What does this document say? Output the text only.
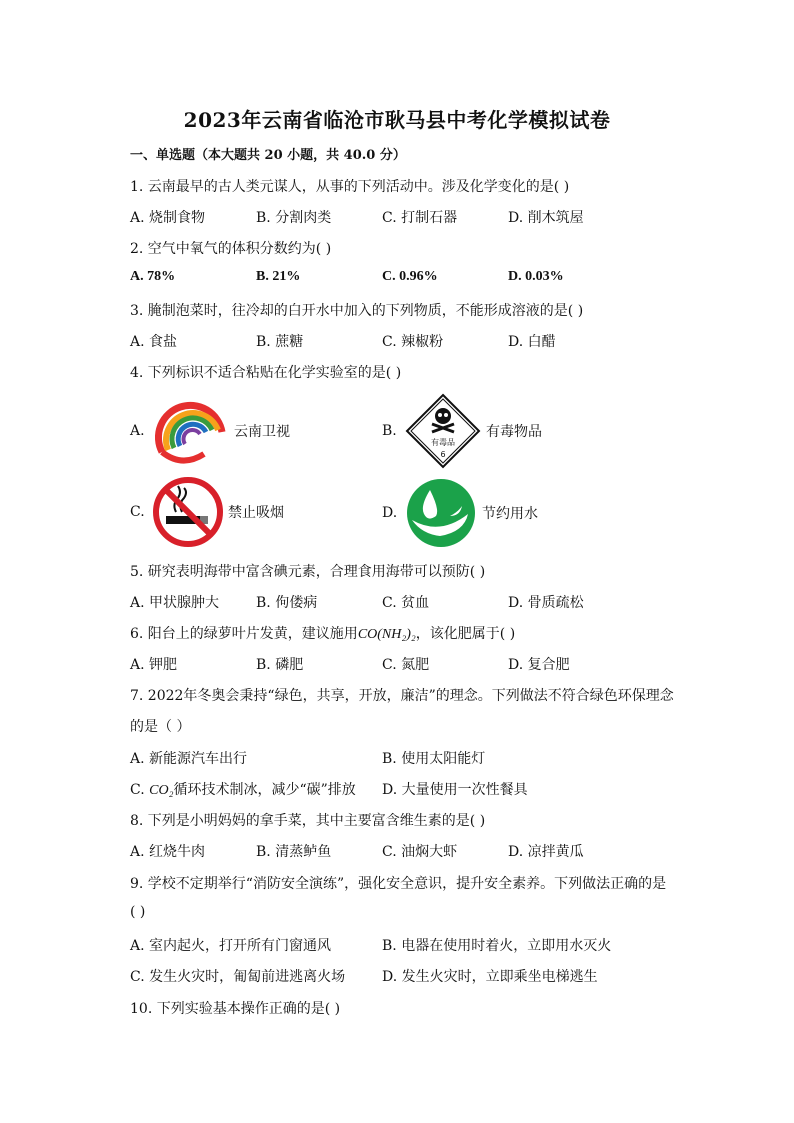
2023年云南省临沧市耿马县中考化学模拟试卷
一、单选题（本大题共 20 小题，共 40.0 分）
1. 云南最早的古人类元谋人，从事的下列活动中。涉及化学变化的是( )
A. 烧制食物	B. 分割肉类	C. 打制石器	D. 削木筑屋
2. 空气中氧气的体积分数约为( )
A. 78%	B. 21%	C. 0.96%	D. 0.03%
3. 腌制泡菜时，往冷却的白开水中加入的下列物质，不能形成溶液的是( )
A. 食盐	B. 蔗糖	C. 辣椒粉	D. 白醋
4. 下列标识不适合粘贴在化学实验室的是( )
A.	云南卫视	B.
有毒品
6
有毒物品
C.	禁止吸烟	D.	节约用水
5. 研究表明海带中富含碘元素，合理食用海带可以预防( )
A. 甲状腺肿大	B. 佝偻病	C. 贫血	D. 骨质疏松
6. 阳台上的绿萝叶片发黄，建议施用CO(NH₂)₂，该化肥属于( )
A. 钾肥	B. 磷肥	C. 氮肥	D. 复合肥
7. 2022年冬奥会秉持“绿色，共享，开放，廉洁”的理念。下列做法不符合绿色环保理念
的是（ ）
A. 新能源汽车出行	B. 使用太阳能灯
C. CO₂循环技术制冰，减少“碳”排放 D. 大量使用一次性餐具
8. 下列是小明妈妈的拿手菜，其中主要富含维生素的是( )
A. 红烧牛肉	B. 清蒸鲈鱼	C. 油焖大虾	D. 凉拌黄瓜
9. 学校不定期举行“消防安全演练”，强化安全意识，提升安全素养。下列做法正确的是
( )
A. 室内起火，打开所有门窗通风	B. 电器在使用时着火，立即用水灭火
C. 发生火灾时，匍匐前进逃离火场	D. 发生火灾时，立即乘坐电梯逃生
10. 下列实验基本操作正确的是( )
